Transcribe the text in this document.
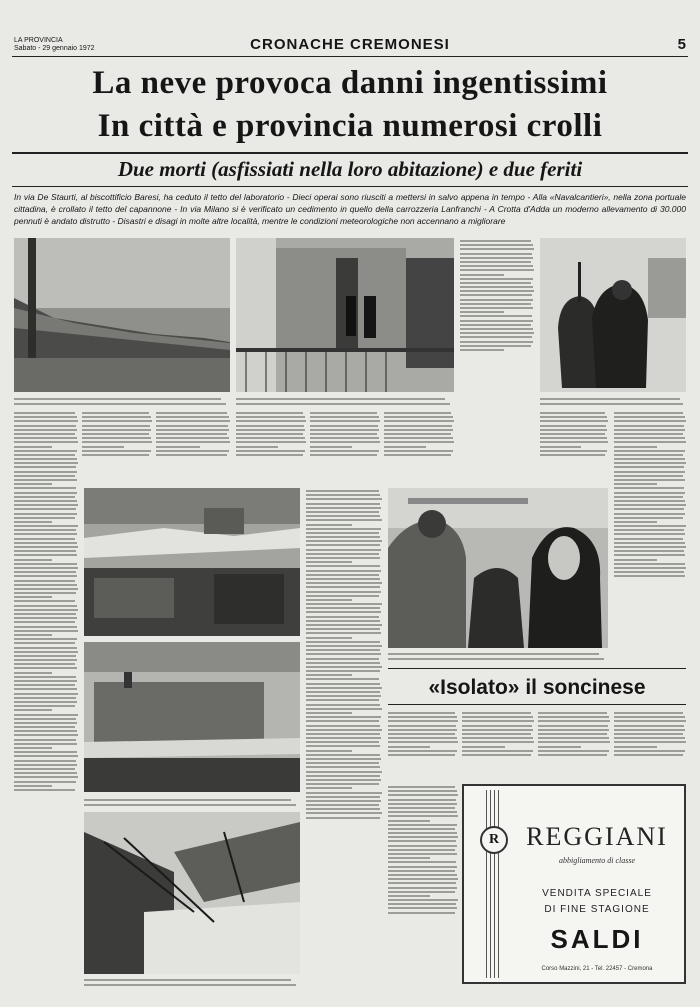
LA PROVINCIA
Sabato - 29 gennaio 1972	CRONACHE CREMONESI	5
La neve provoca danni ingentissimi
In città e provincia numerosi crolli
Due morti (asfissiati nella loro abitazione) e due feriti
In via De Staurti, al biscottificio Baresi, ha ceduto il tetto del laboratorio - Dieci operai sono riusciti a mettersi in salvo appena in tempo - Alla «Navalcantieri», nella zona portuale cittadina, è crollato il tetto del capannone - In via Milano si è verificato un cedimento in quello della carrozzeria Lanfranchi - A Crotta d'Adda un moderno allevamento di 30.000 pennuti è andato distrutto - Disastri e disagi in molte altre località, mentre le condizioni meteorologiche non accennano a migliorare
«Isolato» il soncinese
R	REGGIANI
abbigliamento di classe
VENDITA SPECIALE
DI FINE STAGIONE
SALDI
Corso Mazzini, 21 - Tel. 22457 - Cremona
